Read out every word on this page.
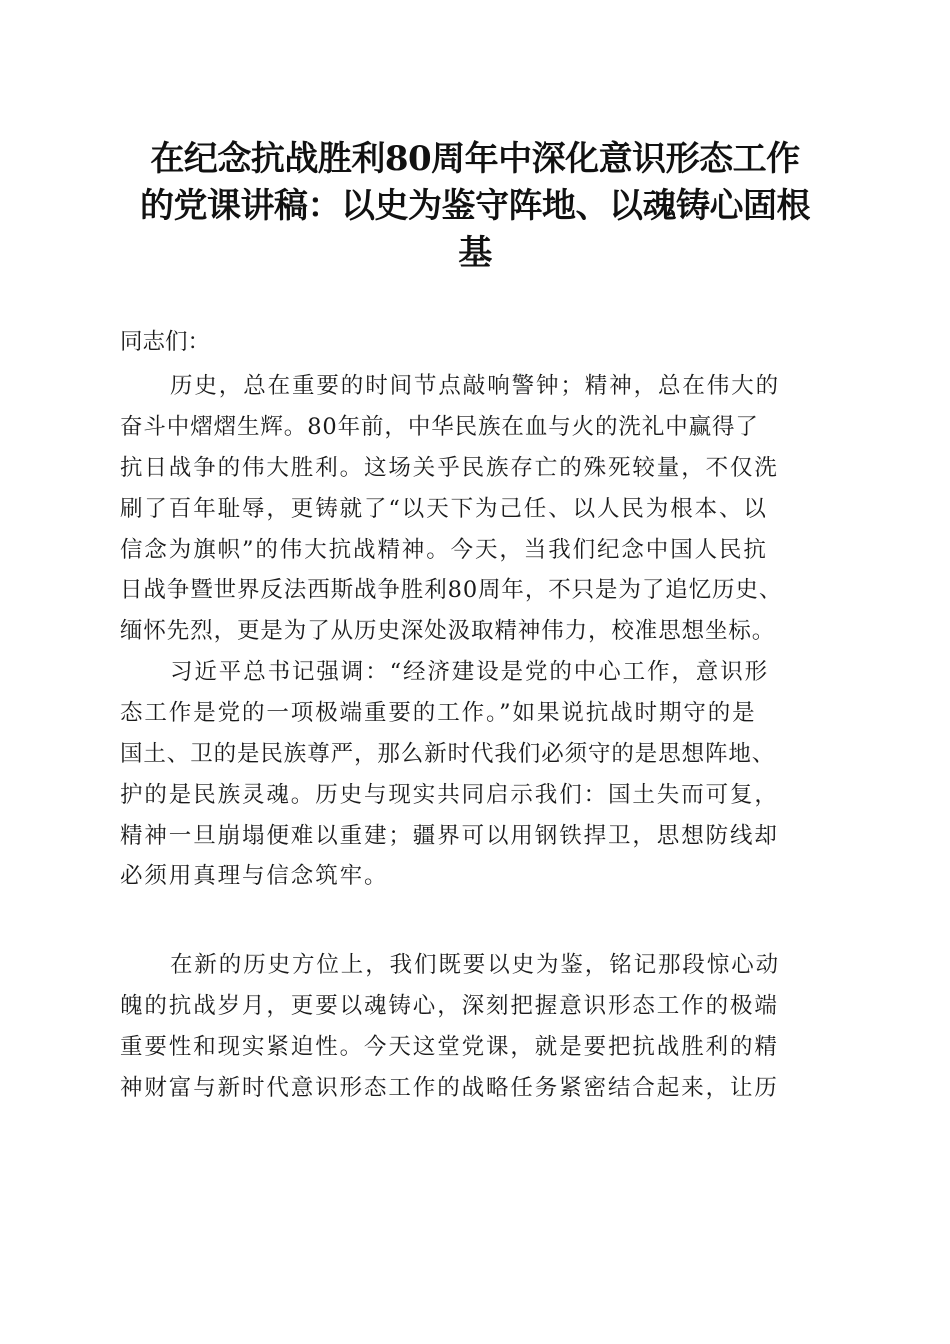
在纪念抗战胜利80周年中深化意识形态工作
的党课讲稿：以史为鉴守阵地、以魂铸心固根
基
同志们：
历史，总在重要的时间节点敲响警钟；精神，总在伟大的
奋斗中熠熠生辉。80年前，中华民族在血与火的洗礼中赢得了
抗日战争的伟大胜利。这场关乎民族存亡的殊死较量，不仅洗
刷了百年耻辱，更铸就了“以天下为己任、以人民为根本、以
信念为旗帜”的伟大抗战精神。今天，当我们纪念中国人民抗
日战争暨世界反法西斯战争胜利80周年，不只是为了追忆历史、
缅怀先烈，更是为了从历史深处汲取精神伟力，校准思想坐标。
习近平总书记强调：“经济建设是党的中心工作，意识形
态工作是党的一项极端重要的工作。”如果说抗战时期守的是
国土、卫的是民族尊严，那么新时代我们必须守的是思想阵地、
护的是民族灵魂。历史与现实共同启示我们：国土失而可复，
精神一旦崩塌便难以重建；疆界可以用钢铁捍卫，思想防线却
必须用真理与信念筑牢。
在新的历史方位上，我们既要以史为鉴，铭记那段惊心动
魄的抗战岁月，更要以魂铸心，深刻把握意识形态工作的极端
重要性和现实紧迫性。今天这堂党课，就是要把抗战胜利的精
神财富与新时代意识形态工作的战略任务紧密结合起来，让历
